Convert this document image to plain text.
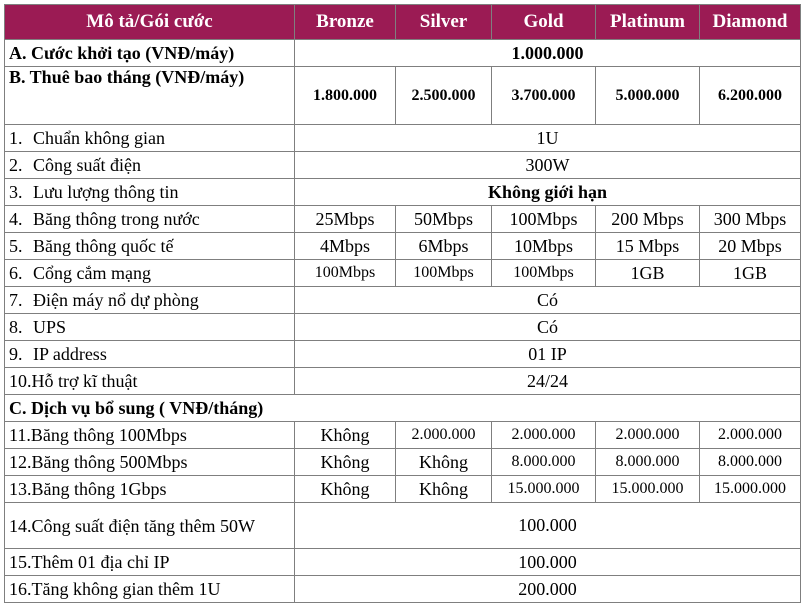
Mô tả/Gói cước	Bronze	Silver	Gold	Platinum	Diamond
A. Cước khởi tạo (VNĐ/máy)	1.000.000				
B. Thuê bao tháng (VNĐ/máy)	1.800.000	2.500.000	3.700.000	5.000.000	6.200.000
1. Chuẩn không gian	1U				
2. Công suất điện	300W				
3. Lưu lượng thông tin	Không giới hạn				
4. Băng thông trong nước	25Mbps	50Mbps	100Mbps	200 Mbps	300 Mbps
5. Băng thông quốc tế	4Mbps	6Mbps	10Mbps	15 Mbps	20 Mbps
6. Cổng cắm mạng	100Mbps	100Mbps	100Mbps	1GB	1GB
7. Điện máy nổ dự phòng	Có				
8. UPS	Có				
9. IP address	01 IP				
10.Hỗ trợ kĩ thuật	24/24				
C. Dịch vụ bổ sung ( VNĐ/tháng)					
11.Băng thông 100Mbps	Không	2.000.000	2.000.000	2.000.000	2.000.000
12.Băng thông 500Mbps	Không	Không	8.000.000	8.000.000	8.000.000
13.Băng thông 1Gbps	Không	Không	15.000.000	15.000.000	15.000.000
14.Công suất điện tăng thêm 50W	100.000				
15.Thêm 01 địa chỉ IP	100.000				
16.Tăng không gian thêm 1U	200.000				
